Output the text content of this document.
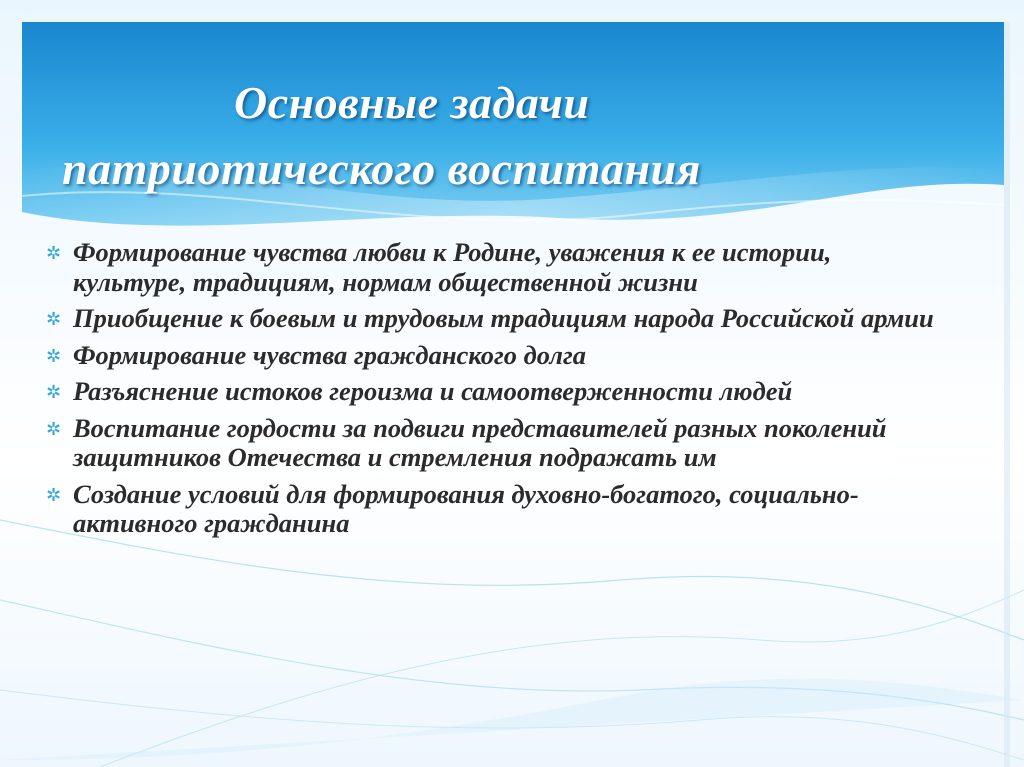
Основные задачи
патриотического воспитания
✲ Формирование чувства любви к Родине, уважения к ее истории, культуре, традициям, нормам общественной жизни
✲ Приобщение к боевым и трудовым традициям народа Российской армии
✲ Формирование чувства гражданского долга
✲ Разъяснение истоков героизма и самоотверженности людей
✲ Воспитание гордости за подвиги представителей разных поколений защитников Отечества и стремления подражать им
✲ Создание условий для формирования духовно-богатого, социально-активного гражданина
